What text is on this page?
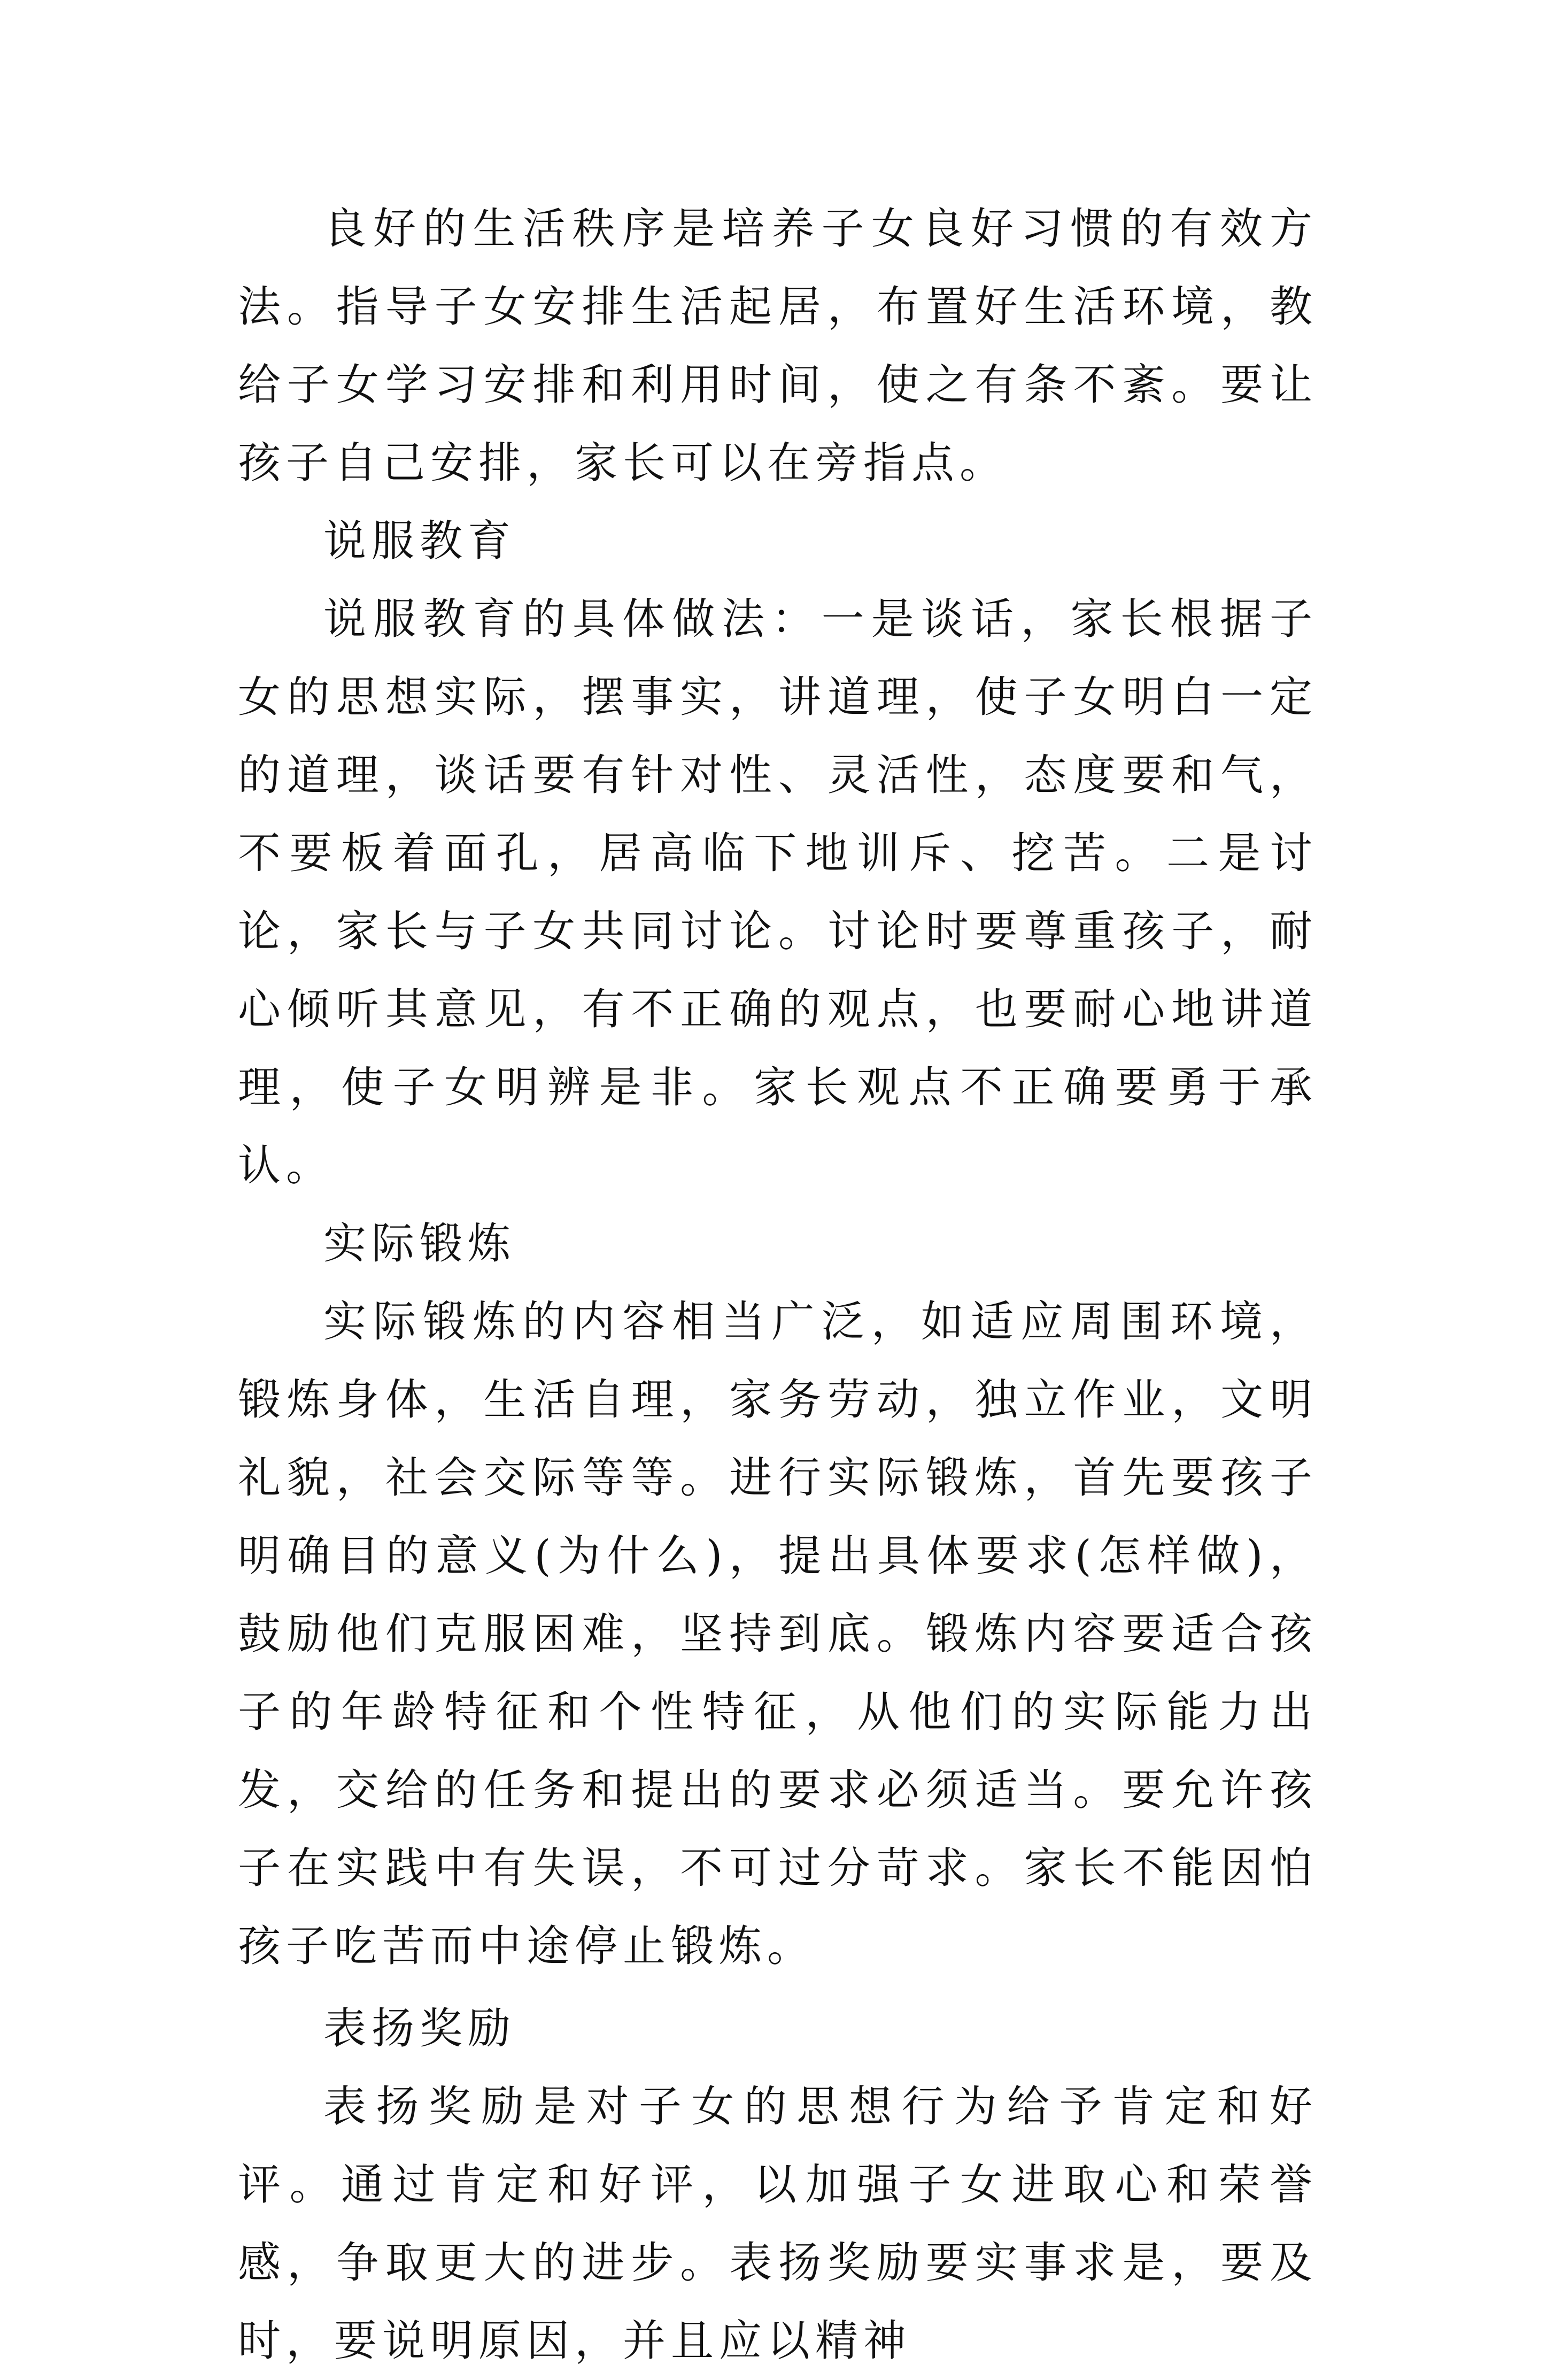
良好的生活秩序是培养子女良好习惯的有效方法。指导子女安排生活起居，布置好生活环境，教给子女学习安排和利用时间，使之有条不紊。要让孩子自己安排，家长可以在旁指点。

说服教育

说服教育的具体做法：一是谈话，家长根据子女的思想实际，摆事实，讲道理，使子女明白一定的道理，谈话要有针对性、灵活性，态度要和气，不要板着面孔，居高临下地训斥、挖苦。二是讨论，家长与子女共同讨论。讨论时要尊重孩子，耐心倾听其意见，有不正确的观点，也要耐心地讲道理，使子女明辨是非。家长观点不正确要勇于承认。

实际锻炼

实际锻炼的内容相当广泛，如适应周围环境，锻炼身体，生活自理，家务劳动，独立作业，文明礼貌，社会交际等等。进行实际锻炼，首先要孩子明确目的意义(为什么)，提出具体要求(怎样做)，鼓励他们克服困难，坚持到底。锻炼内容要适合孩子的年龄特征和个性特征，从他们的实际能力出发，交给的任务和提出的要求必须适当。要允许孩子在实践中有失误，不可过分苛求。家长不能因怕孩子吃苦而中途停止锻炼。

表扬奖励

表扬奖励是对子女的思想行为给予肯定和好评。通过肯定和好评，以加强子女进取心和荣誉感，争取更大的进步。表扬奖励要实事求是，要及时，要说明原因，并且应以精神
